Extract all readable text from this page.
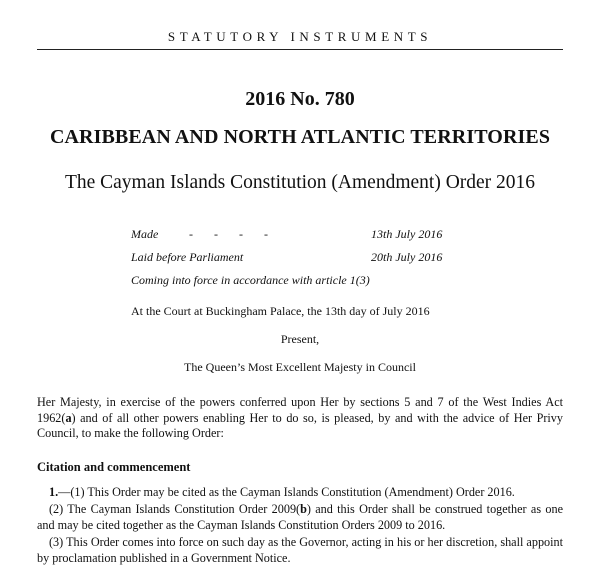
STATUTORY INSTRUMENTS
2016 No. 780
CARIBBEAN AND NORTH ATLANTIC TERRITORIES
The Cayman Islands Constitution (Amendment) Order 2016
Made	- - - -	13th July 2016
Laid before Parliament	20th July 2016
Coming into force in accordance with article 1(3)
At the Court at Buckingham Palace, the 13th day of July 2016
Present,
The Queen’s Most Excellent Majesty in Council
Her Majesty, in exercise of the powers conferred upon Her by sections 5 and 7 of the West Indies Act 1962(a) and of all other powers enabling Her to do so, is pleased, by and with the advice of Her Privy Council, to make the following Order:
Citation and commencement
1.—(1) This Order may be cited as the Cayman Islands Constitution (Amendment) Order 2016.
(2) The Cayman Islands Constitution Order 2009(b) and this Order shall be construed together as one and may be cited together as the Cayman Islands Constitution Orders 2009 to 2016.
(3) This Order comes into force on such day as the Governor, acting in his or her discretion, shall appoint by proclamation published in a Government Notice.
